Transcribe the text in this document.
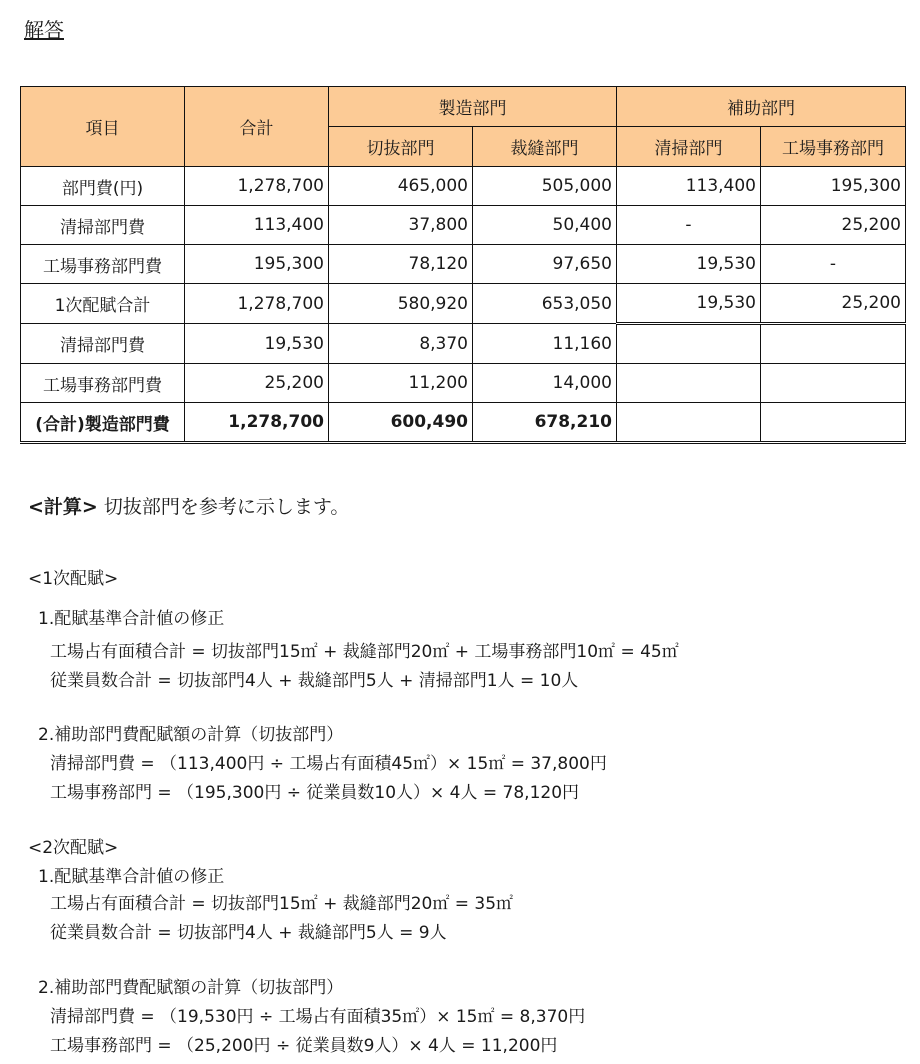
解答
項目	合計	製造部門		補助部門	
		切抜部門	裁縫部門	清掃部門	工場事務部門
部門費(円)	1,278,700	465,000	505,000	113,400	195,300
清掃部門費	113,400	37,800	50,400	-	25,200
工場事務部門費	195,300	78,120	97,650	19,530	-
1次配賦合計	1,278,700	580,920	653,050	19,530	25,200
清掃部門費	19,530	8,370	11,160		
工場事務部門費	25,200	11,200	14,000		
(合計)製造部門費	1,278,700	600,490	678,210		
<計算> 切抜部門を参考に示します。
<1次配賦>
1.配賦基準合計値の修正
工場占有面積合計 = 切抜部門15㎡ + 裁縫部門20㎡ + 工場事務部門10㎡ = 45㎡
従業員数合計 = 切抜部門4人 + 裁縫部門5人 + 清掃部門1人 = 10人
2.補助部門費配賦額の計算（切抜部門）
清掃部門費 = （113,400円 ÷ 工場占有面積45㎡）× 15㎡ = 37,800円
工場事務部門 = （195,300円 ÷ 従業員数10人）× 4人 = 78,120円
<2次配賦>
1.配賦基準合計値の修正
工場占有面積合計 = 切抜部門15㎡ + 裁縫部門20㎡ = 35㎡
従業員数合計 = 切抜部門4人 + 裁縫部門5人 = 9人
2.補助部門費配賦額の計算（切抜部門）
清掃部門費 = （19,530円 ÷ 工場占有面積35㎡）× 15㎡ = 8,370円
工場事務部門 = （25,200円 ÷ 従業員数9人）× 4人 = 11,200円
